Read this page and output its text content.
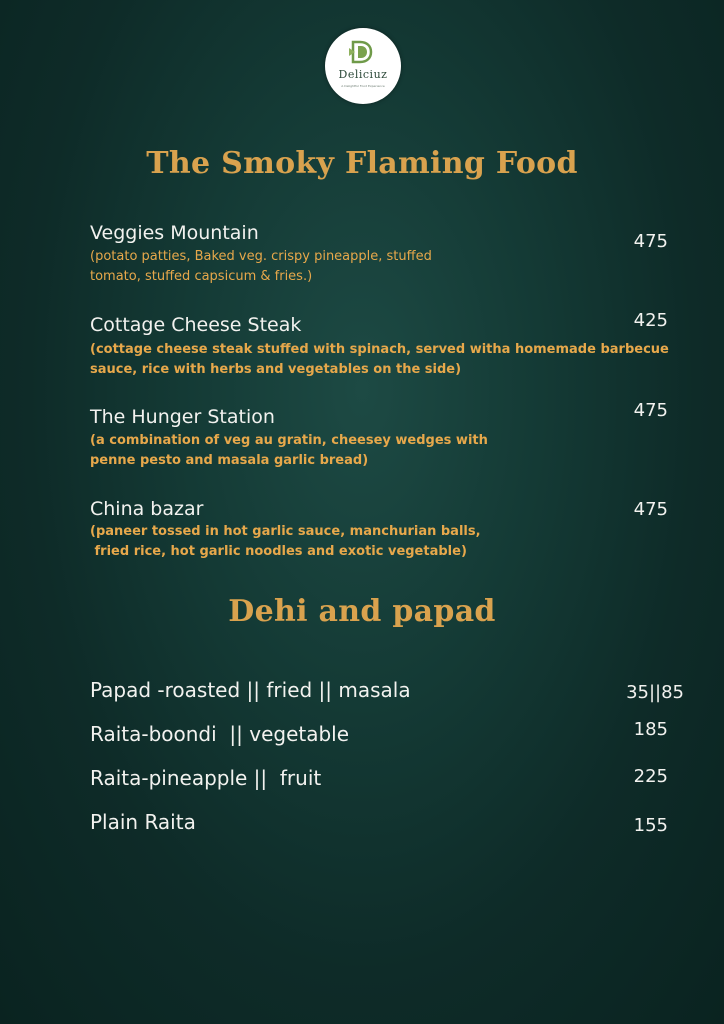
Deliciuz
A Delightful Food Experience
The Smoky Flaming Food
Veggies Mountain
(potato patties, Baked veg. crispy pineapple, stuffed
tomato, stuffed capsicum & fries.)
475
Cottage Cheese Steak
(cottage cheese steak stuffed with spinach, served witha homemade barbecue
sauce, rice with herbs and vegetables on the side)
425
The Hunger Station
(a combination of veg au gratin, cheesey wedges with
penne pesto and masala garlic bread)
475
China bazar
(paneer tossed in hot garlic sauce, manchurian balls,
fried rice, hot garlic noodles and exotic vegetable)
475
Dehi and papad
Papad -roasted || fried || masala	35||85
Raita-boondi  || vegetable	185
Raita-pineapple ||  fruit	225
Plain Raita	155
